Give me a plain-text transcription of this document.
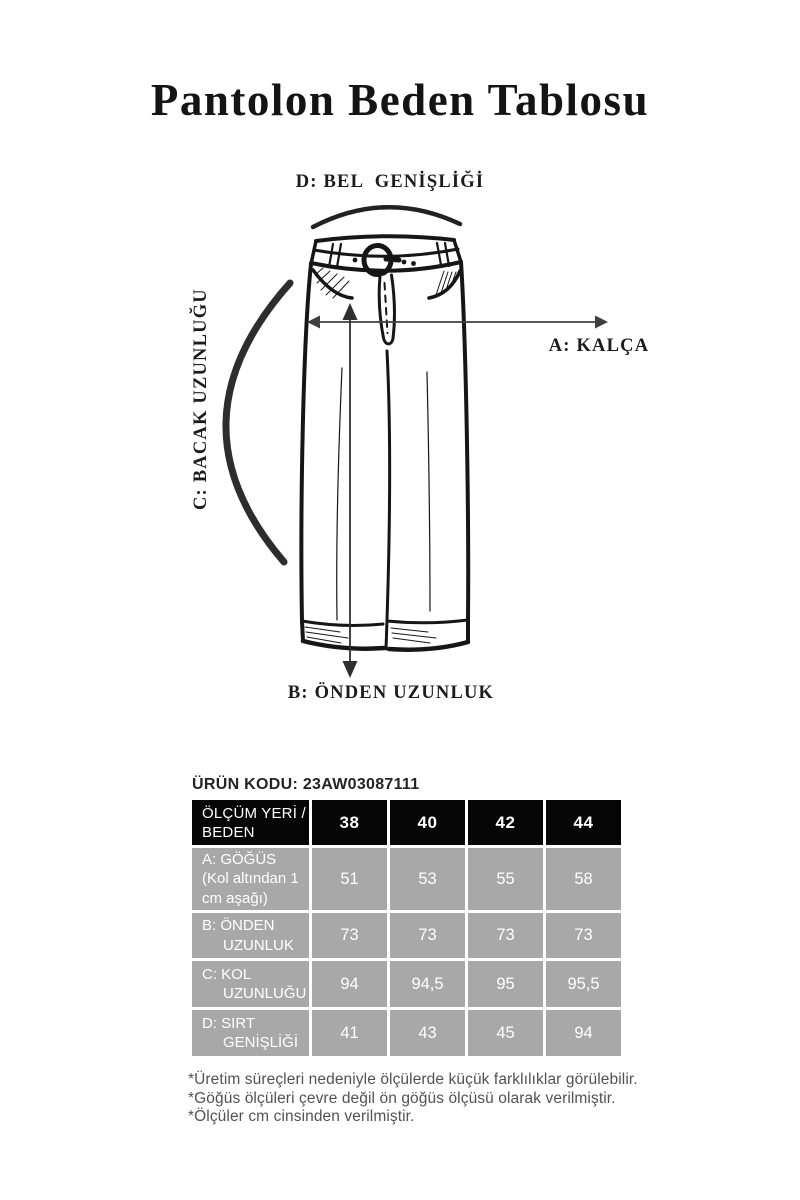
Pantolon Beden Tablosu
D: BEL  GENİŞLİĞİ
A: KALÇA
B: ÖNDEN UZUNLUK
C: BACAK UZUNLUĞU
ÜRÜN KODU: 23AW03087111
ÖLÇÜM YERİ /
BEDEN
38	40	42	44
A: GÖĞÜS
(Kol altından 1
cm aşağı)
51	53	55	58
B: ÖNDEN
UZUNLUK
73	73	73	73
C: KOL
UZUNLUĞU
94	94,5	95	95,5
D: SIRT
GENİŞLİĞİ
41	43	45	94
*Üretim süreçleri nedeniyle ölçülerde küçük farklılıklar görülebilir.
*Göğüs ölçüleri çevre değil ön göğüs ölçüsü olarak verilmiştir.
*Ölçüler cm cinsinden verilmiştir.
